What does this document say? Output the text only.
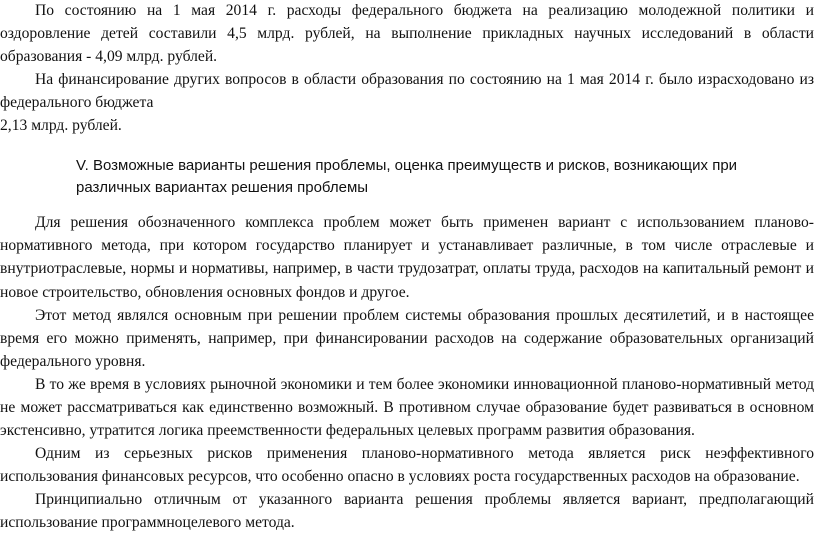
По состоянию на 1 мая 2014 г. расходы федерального бюджета на реализацию молодежной политики и оздоровление детей составили 4,5 млрд. рублей, на выполнение прикладных научных исследований в области образования - 4,09 млрд. рублей.

На финансирование других вопросов в области образования по состоянию на 1 мая 2014 г. было израсходовано из федерального бюджета

2,13 млрд. рублей.

V. Возможные варианты решения проблемы, оценка преимуществ и рисков, возникающих при различных вариантах решения проблемы

Для решения обозначенного комплекса проблем может быть применен вариант с использованием планово-нормативного метода, при котором государство планирует и устанавливает различные, в том числе отраслевые и внутриотраслевые, нормы и нормативы, например, в части трудозатрат, оплаты труда, расходов на капитальный ремонт и новое строительство, обновления основных фондов и другое.

Этот метод являлся основным при решении проблем системы образования прошлых десятилетий, и в настоящее время его можно применять, например, при финансировании расходов на содержание образовательных организаций федерального уровня.

В то же время в условиях рыночной экономики и тем более экономики инновационной планово-нормативный метод не может рассматриваться как единственно возможный. В противном случае образование будет развиваться в основном экстенсивно, утратится логика преемственности федеральных целевых программ развития образования.

Одним из серьезных рисков применения планово-нормативного метода является риск неэффективного использования финансовых ресурсов, что особенно опасно в условиях роста государственных расходов на образование.

Принципиально отличным от указанного варианта решения проблемы является вариант, предполагающий использование программноцелевого метода.
